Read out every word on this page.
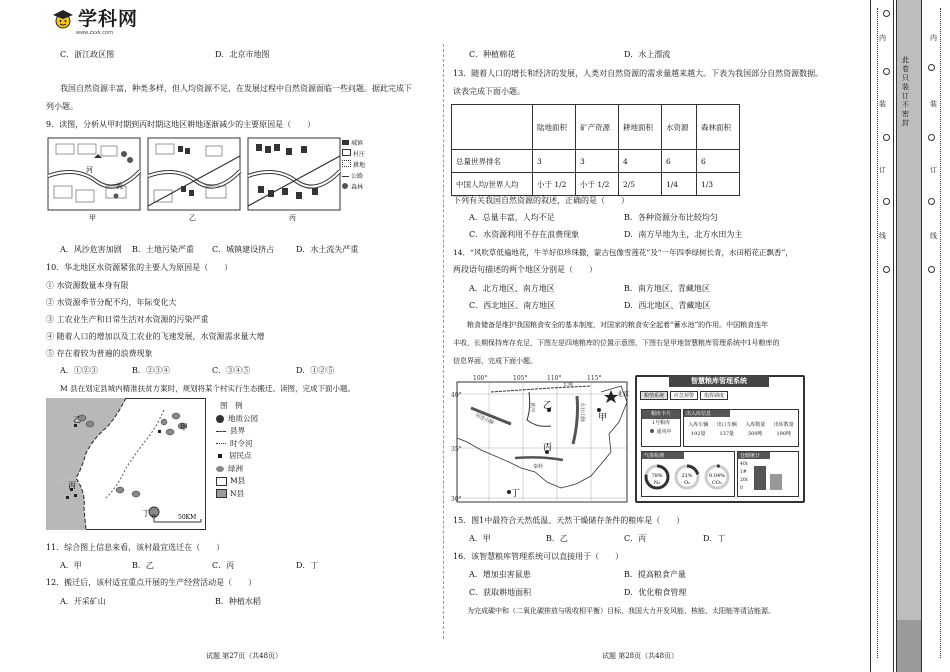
学科网
www.zxxk.com
C．浙江政区图	D．北京市地图
我国自然资源丰富，种类多样，但人均资源不足，在发展过程中自然资源面临一些问题。据此完成下
列小题。
9．读图，分析从甲时期到丙时期这地区耕地逐渐减少的主要原因是（　　）
河
流
甲	乙	丙
城镇
村庄
耕地
公路
森林
A．风沙危害加剧 B．土地污染严重 C．城镇建设挤占	D．水土流失严重
10．华北地区水资源紧张的主要人为原因是（　　）
① 水资源数量本身有限
② 水资源季节分配不均，年际变化大
③ 工农业生产和日常生活对水资源的污染严重
④ 随着人口的增加以及工农业的飞速发展，水资源需求量大增
⑤ 存在着较为普遍的浪费现象
A．①②③	B．②③④	C．③④⑤	D．①②⑤
M 县在划定县城内精准扶贫方案时，规划将某个村实行生态搬迁。读图，完成下面小题。
乙
甲
丙
丁 0	50KM
图　例
地质公园
县界
时令河
居民点
绿洲
M县
N县
11．综合图上信息来看，该村最宜选迁在（　　）
A．甲	B．乙	C．丙	D．丁
12．搬迁后，该村适宜重点开展的生产经营活动是（　　）
A．开采矿山	B．种植水稻
试题 第27页（共48页）
C．种植棉花	D．水上漂流
13．随着人口的增长和经济的发展，人类对自然资源的需求量越来越大。下表为我国部分自然资源数据。
读表完成下面小题。
	陆地面积	矿产资源	耕地面积	水资源	森林面积
总量世界排名	3	3	4	6	6
中国人均/世界人均	小于 1/2	小于 1/2	2/5	1/4	1/3
下列有关我国自然资源的叙述，正确的是（　　）
A．总量丰富，人均不足	B．各种资源分布比较均匀
C．水资源利用不存在浪费现象	D．南方早地为主，北方水田为主
14．“风吹草低遍地花，牛羊好似珍珠撒，蒙古包像雪莲花”及“一年四季绿树长青，水田稻花正飘香”，
两段语句描述的两个地区分别是（　　）
A．北方地区、南方地区	B．南方地区、青藏地区
C．西北地区、南方地区	D．西北地区、青藏地区
粮食储备是维护我国粮食安全的基本制度，对国家的粮食安全起着“蓄水池”的作用。中国粮食连年
丰收，长期保持库存充足，下图左是四地粮库的位置示意图，下图右是甲地智慧粮库管理系统中1号粮库的
信息界面，完成下面小题。
100°	105°	110°	115°
40°
35°
30°
祁连山脉
黄河
秦岭
太行山脉
长城
北京
乙
甲
丙
丁
智慧粮库管理系统
粮情系统	应急预警	指挥调度
粮库卡片
1号粮库
通风中
出入库信息
入库车辆
192量
出口车辆
137量
入库数量
500吨
出库数量
190吨
气体检测
78%
N₂
21%
O₂
0.04%
CO₂
仓储统计
40t
1#
20t
0
15．图1中最符合天然低温、天然干燥储存条件的粮库是（　　）
A．甲	B．乙	C．丙	D．丁
16．该智慧粮库管理系统可以直接用于（　　）
A．增加虫害鼠患	B．提高粮食产量
C．获取耕地面积	D．优化粮食管理
为完成碳中和（二氧化碳排放与吸收相平衡）目标，我国大力开发风能、核能、太阳能等清洁能源。
试题 第28页（共48页）
内
装
订
线
此卷只装订不密封
内
装
订
线
